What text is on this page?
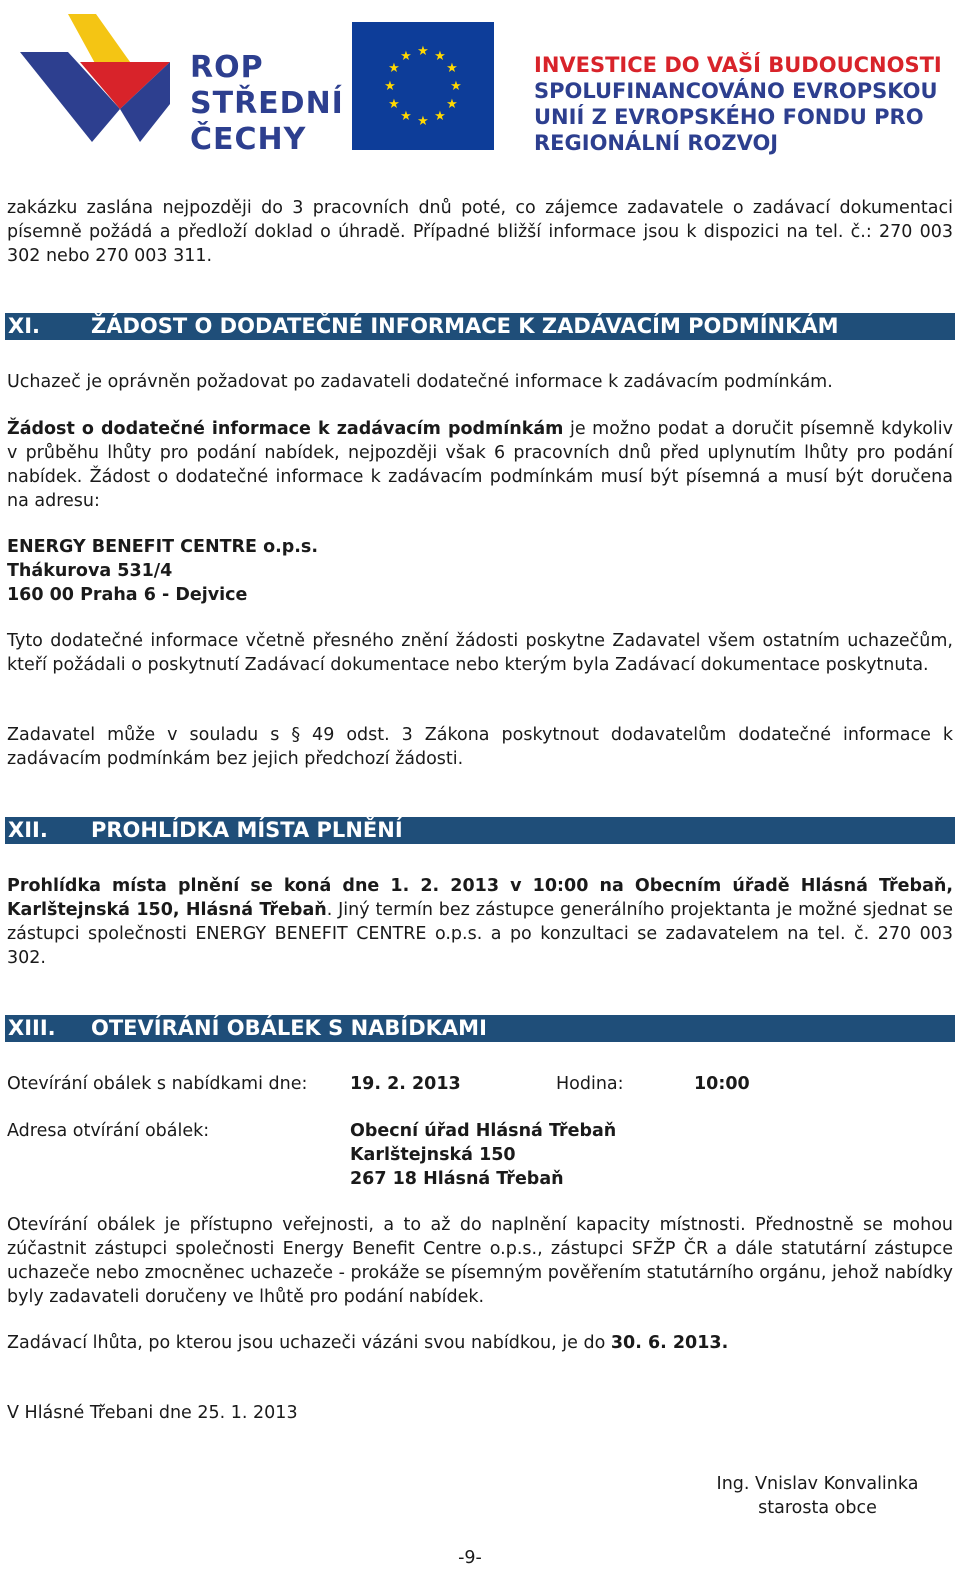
ROP
STŘEDNÍ
ČECHY
★ ★
★
★
★
★
★
★
★
★
★
★	INVESTICE DO VAŠÍ BUDOUCNOSTI
SPOLUFINANCOVÁNO EVROPSKOU
UNIÍ Z EVROPSKÉHO FONDU PRO
REGIONÁLNÍ ROZVOJ

zakázku zaslána nejpozději do 3 pracovních dnů poté, co zájemce zadavatele o zadávací dokumentaci písemně požádá a předloží doklad o úhradě. Případné bližší informace jsou k dispozici na tel. č.: 270 003 302 nebo 270 003 311.

XI. ŽÁDOST O DODATEČNÉ INFORMACE K ZADÁVACÍM PODMÍNKÁM

Uchazeč je oprávněn požadovat po zadavateli dodatečné informace k zadávacím podmínkám.

Žádost o dodatečné informace k zadávacím podmínkám je možno podat a doručit písemně kdykoliv v průběhu lhůty pro podání nabídek, nejpozději však 6 pracovních dnů před uplynutím lhůty pro podání nabídek. Žádost o dodatečné informace k zadávacím podmínkám musí být písemná a musí být doručena na adresu:

ENERGY BENEFIT CENTRE o.p.s.

Thákurova 531/4

160 00 Praha 6 - Dejvice

Tyto dodatečné informace včetně přesného znění žádosti poskytne Zadavatel všem ostatním uchazečům, kteří požádali o poskytnutí Zadávací dokumentace nebo kterým byla Zadávací dokumentace poskytnuta.

Zadavatel může v souladu s § 49 odst. 3 Zákona poskytnout dodavatelům dodatečné informace k zadávacím podmínkám bez jejich předchozí žádosti.

XII. PROHLÍDKA MÍSTA PLNĚNÍ

Prohlídka místa plnění se koná dne 1. 2. 2013 v 10:00 na Obecním úřadě Hlásná Třebaň, Karlštejnská 150, Hlásná Třebaň. Jiný termín bez zástupce generálního projektanta je možné sjednat se zástupci společnosti ENERGY BENEFIT CENTRE o.p.s. a po konzultaci se zadavatelem na tel. č. 270 003 302.

XIII. OTEVÍRÁNÍ OBÁLEK S NABÍDKAMI
Otevírání obálek s nabídkami dne: 19. 2. 2013	Hodina:	10:00
Adresa otvírání obálek:	Obecní úřad Hlásná Třebaň
Karlštejnská 150
267 18 Hlásná Třebaň

Otevírání obálek je přístupno veřejnosti, a to až do naplnění kapacity místnosti. Přednostně se mohou zúčastnit zástupci společnosti Energy Benefit Centre o.p.s., zástupci SFŽP ČR a dále statutární zástupce uchazeče nebo zmocněnec uchazeče - prokáže se písemným pověřením statutárního orgánu, jehož nabídky byly zadavateli doručeny ve lhůtě pro podání nabídek.

Zadávací lhůta, po kterou jsou uchazeči vázáni svou nabídkou, je do 30. 6. 2013.

V Hlásné Třebani dne 25. 1. 2013
Ing. Vnislav Konvalinka
starosta obce
-9-
